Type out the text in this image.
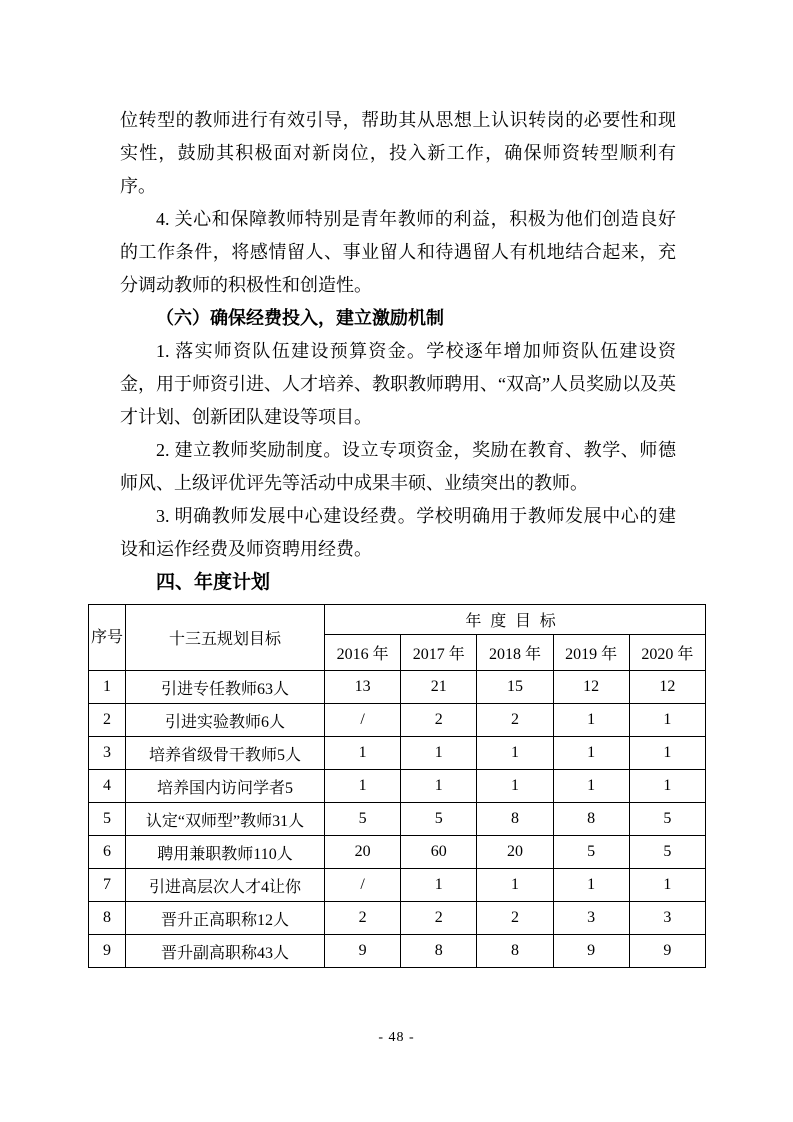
位转型的教师进行有效引导，帮助其从思想上认识转岗的必要性和现实性，鼓励其积极面对新岗位，投入新工作，确保师资转型顺利有序。

4. 关心和保障教师特别是青年教师的利益，积极为他们创造良好的工作条件，将感情留人、事业留人和待遇留人有机地结合起来，充分调动教师的积极性和创造性。

（六）确保经费投入，建立激励机制

1. 落实师资队伍建设预算资金。学校逐年增加师资队伍建设资金，用于师资引进、人才培养、教职教师聘用、“双高”人员奖励以及英才计划、创新团队建设等项目。

2. 建立教师奖励制度。设立专项资金，奖励在教育、教学、师德师风、上级评优评先等活动中成果丰硕、业绩突出的教师。

3. 明确教师发展中心建设经费。学校明确用于教师发展中心的建设和运作经费及师资聘用经费。

四、年度计划

序号	十三五规划目标	年度目标				
		2016 年	2017 年	2018 年	2019 年	2020 年
1	引进专任教师63人	13	21	15	12	12
2	引进实验教师6人	/	2	2	1	1
3	培养省级骨干教师5人	1	1	1	1	1
4	培养国内访问学者5	1	1	1	1	1
5	认定“双师型”教师31人	5	5	8	8	5
6	聘用兼职教师110人	20	60	20	5	5
7	引进高层次人才4让你	/	1	1	1	1
8	晋升正高职称12人	2	2	2	3	3
9	晋升副高职称43人	9	8	8	9	9
- 48 -
